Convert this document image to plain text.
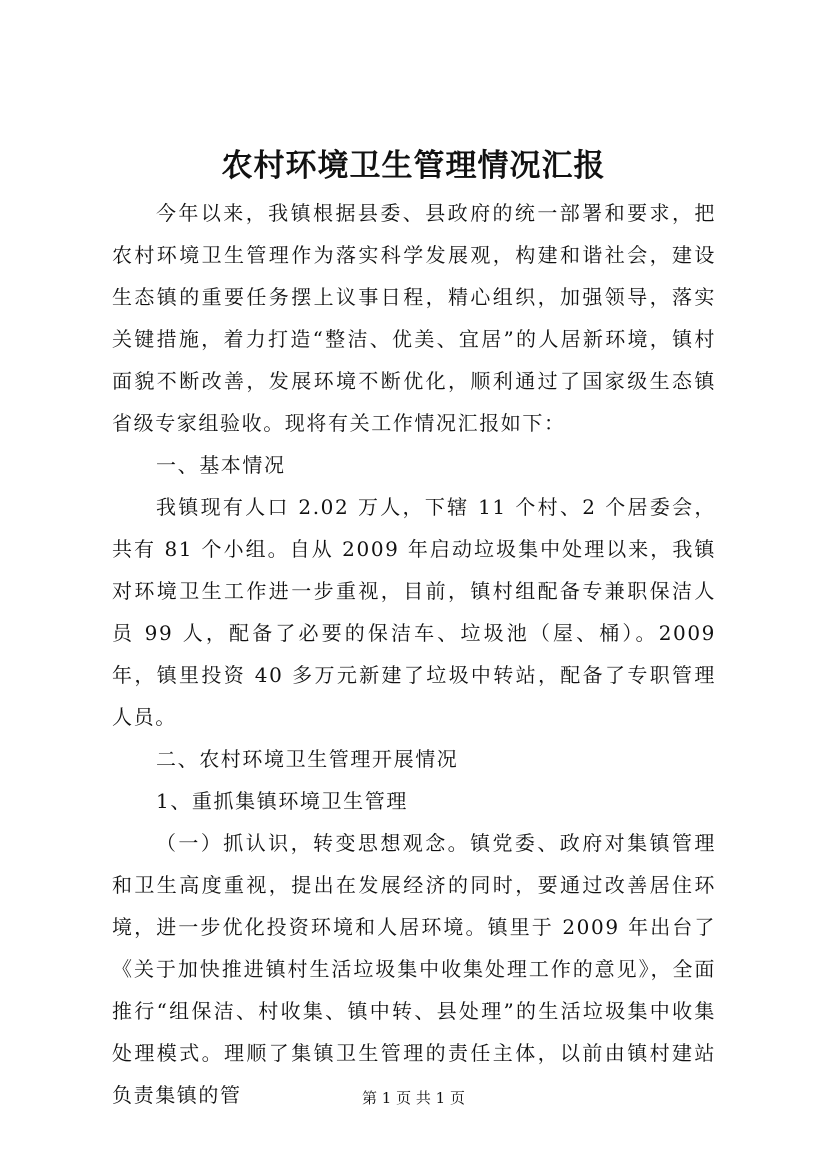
农村环境卫生管理情况汇报

今年以来，我镇根据县委、县政府的统一部署和要求，把农村环境卫生管理作为落实科学发展观，构建和谐社会，建设生态镇的重要任务摆上议事日程，精心组织，加强领导，落实关键措施，着力打造“整洁、优美、宜居”的人居新环境，镇村面貌不断改善，发展环境不断优化，顺利通过了国家级生态镇省级专家组验收。现将有关工作情况汇报如下：

一、基本情况

我镇现有人口 2.02 万人，下辖 11 个村、2 个居委会，共有 81 个小组。自从 2009 年启动垃圾集中处理以来，我镇对环境卫生工作进一步重视，目前，镇村组配备专兼职保洁人员 99 人，配备了必要的保洁车、垃圾池（屋、桶）。2009 年，镇里投资 40 多万元新建了垃圾中转站，配备了专职管理人员。

二、农村环境卫生管理开展情况

1、重抓集镇环境卫生管理

（一）抓认识，转变思想观念。镇党委、政府对集镇管理和卫生高度重视，提出在发展经济的同时，要通过改善居住环境，进一步优化投资环境和人居环境。镇里于 2009 年出台了《关于加快推进镇村生活垃圾集中收集处理工作的意见》，全面推行“组保洁、村收集、镇中转、县处理”的生活垃圾集中收集处理模式。理顺了集镇卫生管理的责任主体，以前由镇村建站负责集镇的管	第 1 页 共 1 页
